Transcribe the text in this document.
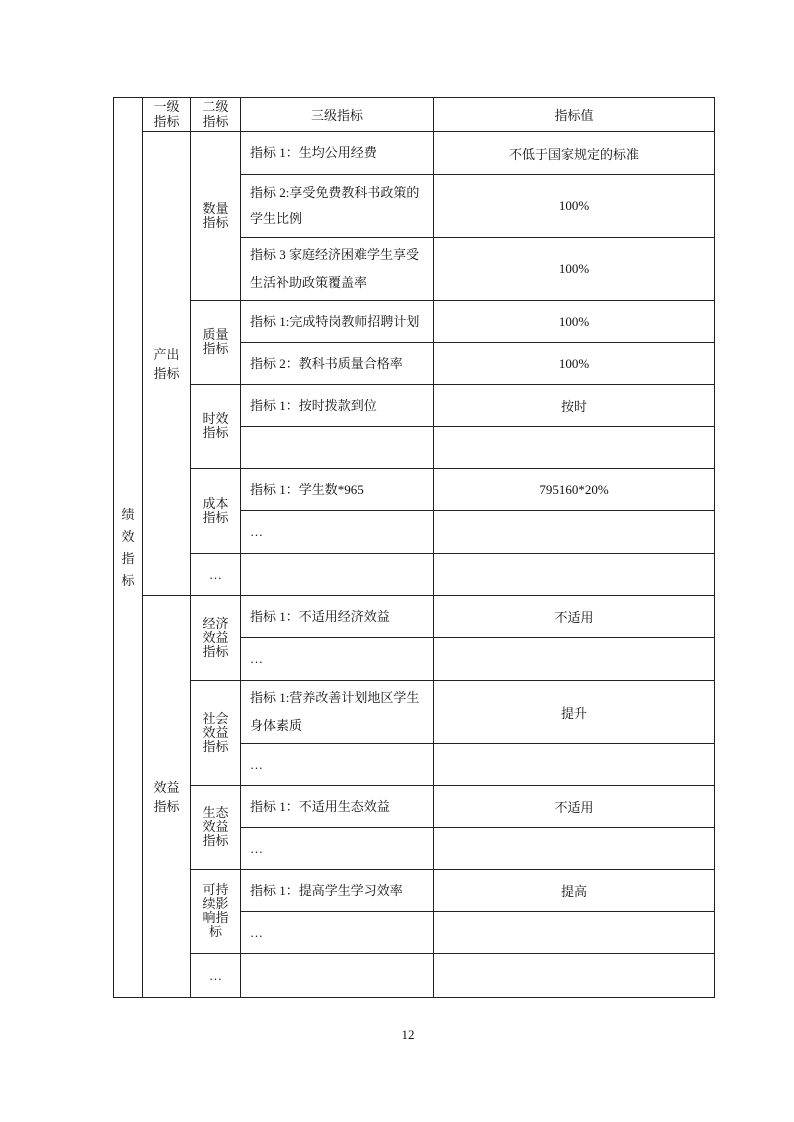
绩效指标	一级指标	二级指标	三级指标	指标值
	产出指标	数量指标	指标 1：生均公用经费	不低于国家规定的标准
			指标 2:享受免费教科书政策的
学生比例	100%
			指标 3 家庭经济困难学生享受
生活补助政策覆盖率	100%
		质量指标	指标 1:完成特岗教师招聘计划	100%
			指标 2：教科书质量合格率	100%
		时效指标	指标 1：按时拨款到位	按时

		成本指标	指标 1：学生数*965	795160*20%
			…	
		…		
	效益指标	经济效益指标	指标 1：不适用经济效益	不适用
			…	
		社会效益指标	指标 1:营养改善计划地区学生
身体素质	提升
			…	
		生态效益指标	指标 1：不适用生态效益	不适用
			…	
		可持续影响指标	指标 1：提高学生学习效率	提高
			…	
		…		
12
